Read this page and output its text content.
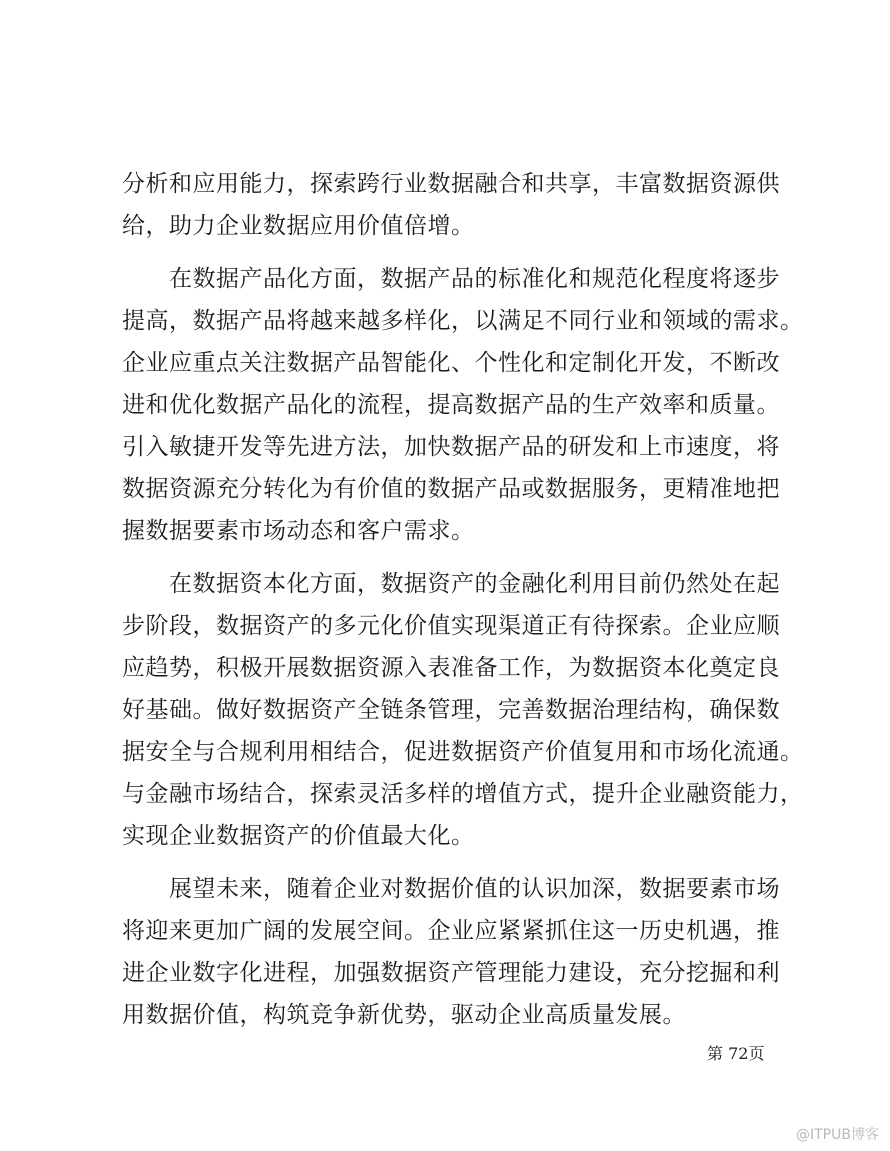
分析和应用能力，探索跨行业数据融合和共享，丰富数据资源供
给，助力企业数据应用价值倍增。
在数据产品化方面，数据产品的标准化和规范化程度将逐步
提高，数据产品将越来越多样化，以满足不同行业和领域的需求。
企业应重点关注数据产品智能化、个性化和定制化开发，不断改
进和优化数据产品化的流程，提高数据产品的生产效率和质量。
引入敏捷开发等先进方法，加快数据产品的研发和上市速度，将
数据资源充分转化为有价值的数据产品或数据服务，更精准地把
握数据要素市场动态和客户需求。
在数据资本化方面，数据资产的金融化利用目前仍然处在起
步阶段，数据资产的多元化价值实现渠道正有待探索。企业应顺
应趋势，积极开展数据资源入表准备工作，为数据资本化奠定良
好基础。做好数据资产全链条管理，完善数据治理结构，确保数
据安全与合规利用相结合，促进数据资产价值复用和市场化流通。
与金融市场结合，探索灵活多样的增值方式，提升企业融资能力，
实现企业数据资产的价值最大化。
展望未来，随着企业对数据价值的认识加深，数据要素市场
将迎来更加广阔的发展空间。企业应紧紧抓住这一历史机遇，推
进企业数字化进程，加强数据资产管理能力建设，充分挖掘和利
用数据价值，构筑竞争新优势，驱动企业高质量发展。
第 72页
@ITPUB博客
